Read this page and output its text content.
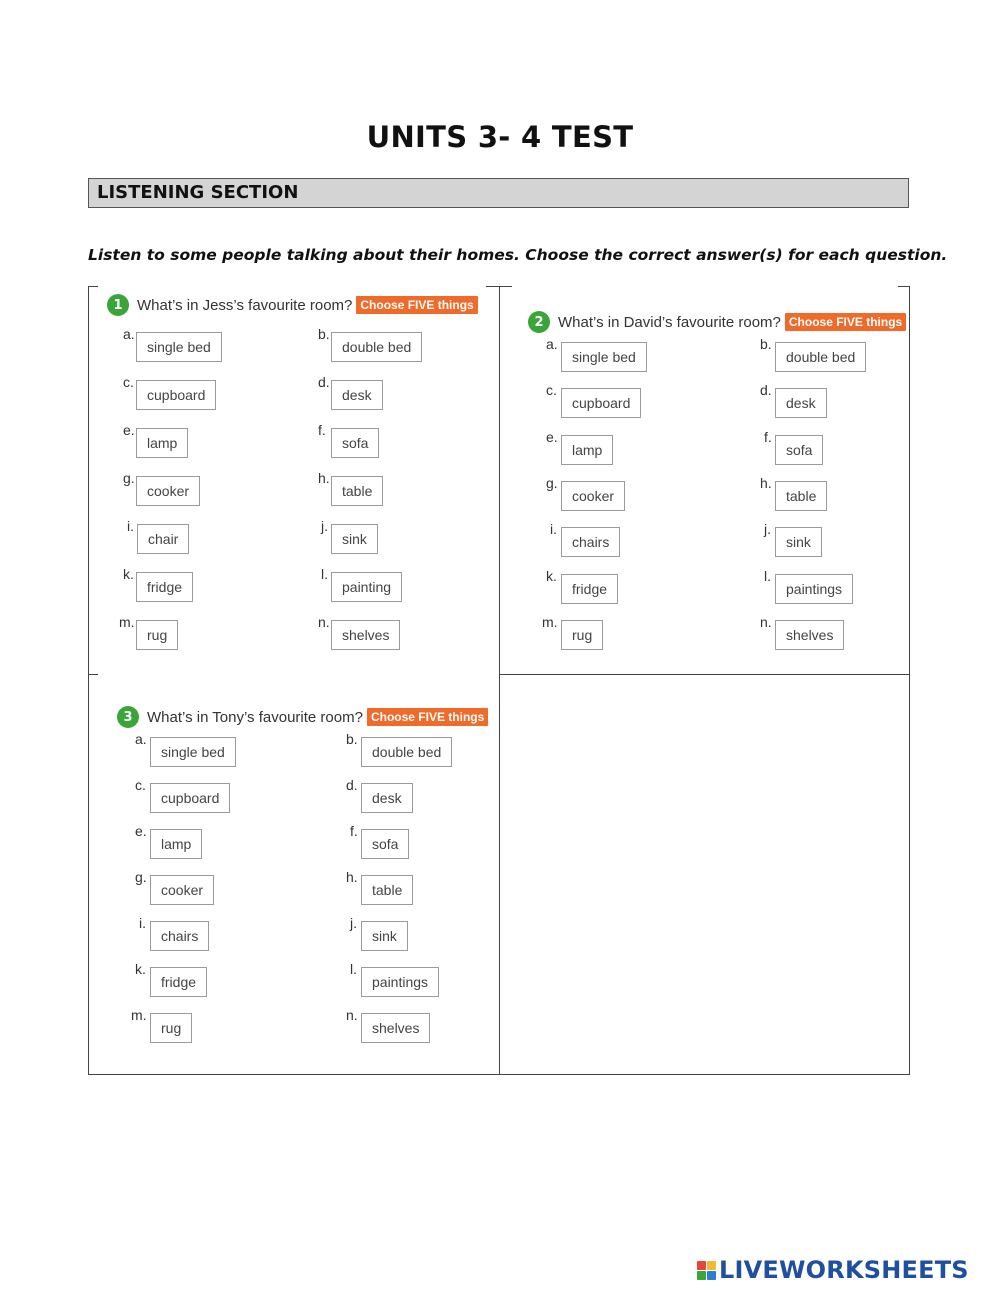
UNITS 3- 4 TEST
LISTENING SECTION
Listen to some people talking about their homes. Choose the correct answer(s) for each question.
1 What’s in Jess’s favourite room? Choose FIVE things
a.
single bed
b.
double bed
c.
cupboard
d.
desk
e.
lamp
f.
sofa
g.
cooker
h.
table
i.
chair
j.
sink
k.
fridge
l.
painting
m.
rug
n.
shelves
2 What’s in David’s favourite room? Choose FIVE things
a.
single bed
b.
double bed
c.
cupboard
d.
desk
e.
lamp
f.
sofa
g.
cooker
h.
table
i.
chairs
j.
sink
k.
fridge
l.
paintings
m.
rug
n.
shelves
3 What’s in Tony’s favourite room? Choose FIVE things
a.
single bed
b.
double bed
c.
cupboard
d.
desk
e.
lamp
f.
sofa
g.
cooker
h.
table
i.
chairs
j.
sink
k.
fridge
l.
paintings
m.
rug
n.
shelves
LIVEWORKSHEETS
